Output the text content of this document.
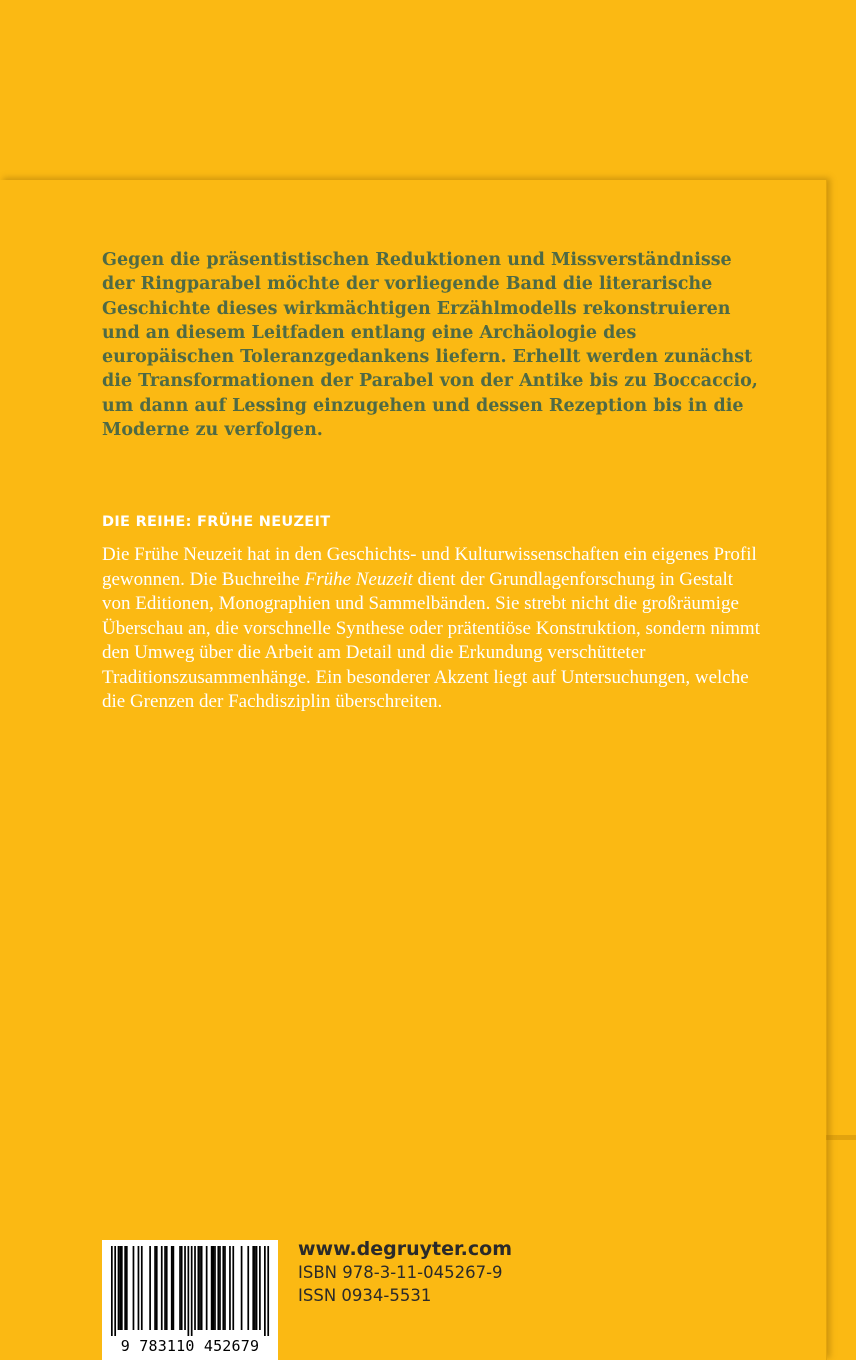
Gegen die präsentistischen Reduktionen und Missverständnisse der Ringparabel möchte der vorliegende Band die literarische Geschichte dieses wirkmächtigen Erzählmodells rekonstruieren und an diesem Leitfaden entlang eine Archäologie des europäischen Toleranzgedankens liefern. Erhellt werden zunächst die Transformationen der Parabel von der Antike bis zu Boccaccio, um dann auf Lessing einzugehen und dessen Rezeption bis in die Moderne zu verfolgen.

DIE REIHE: FRÜHE NEUZEIT

Die Frühe Neuzeit hat in den Geschichts- und Kulturwissenschaften ein eigenes Profil gewonnen. Die Buchreihe Frühe Neuzeit dient der Grundlagenforschung in Gestalt von Editionen, Monographien und Sammelbänden. Sie strebt nicht die großräumige Überschau an, die vorschnelle Synthese oder prätentiöse Konstruktion, sondern nimmt den Umweg über die Arbeit am Detail und die Erkundung verschütteter Traditionszusammenhänge. Ein besonderer Akzent liegt auf Untersuchungen, welche die Grenzen der Fachdisziplin überschreiten.

9 783110 452679
www.degruyter.com
ISBN 978-3-11-045267-9
ISSN 0934-5531
